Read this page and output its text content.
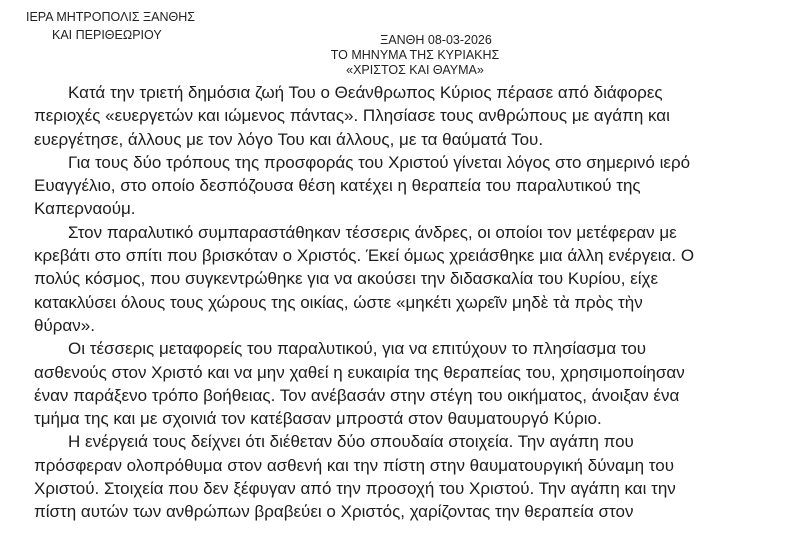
ΙΕΡΑ ΜΗΤΡΟΠΟΛΙΣ ΞΑΝΘΗΣ
ΚΑΙ ΠΕΡΙΘΕΩΡΙΟΥ	ΞΑΝΘΗ 08-03-2026
ΤΟ ΜΗΝΥΜΑ ΤΗΣ ΚΥΡΙΑΚΗΣ
«ΧΡΙΣΤΟΣ ΚΑΙ ΘΑΥΜΑ»
Κατά την τριετή δημόσια ζωή Του ο Θεάνθρωπος Κύριος πέρασε από διάφορες
περιοχές «ευεργετών και ιώμενος πάντας». Πλησίασε τους ανθρώπους με αγάπη και
ευεργέτησε, άλλους με τον λόγο Του και άλλους, με τα θαύματά Του.
Για τους δύο τρόπους της προσφοράς του Χριστού γίνεται λόγος στο σημερινό ιερό
Ευαγγέλιο, στο οποίο δεσπόζουσα θέση κατέχει η θεραπεία του παραλυτικού της
Καπερναούμ.
Στον παραλυτικό συμπαραστάθηκαν τέσσερις άνδρες, οι οποίοι τον μετέφεραν με
κρεβάτι στο σπίτι που βρισκόταν ο Χριστός. Έκεί όμως χρειάσθηκε μια άλλη ενέργεια. Ο
πολύς κόσμος, που συγκεντρώθηκε για να ακούσει την διδασκαλία του Κυρίου, είχε
κατακλύσει όλους τους χώρους της οικίας, ώστε «μηκέτι χωρεῖν μηδὲ τὰ πρὸς τὴν
θύραν».
Οι τέσσερις μεταφορείς του παραλυτικού, για να επιτύχουν το πλησίασμα του
ασθενούς στον Χριστό και να μην χαθεί η ευκαιρία της θεραπείας του, χρησιμοποίησαν
έναν παράξενο τρόπο βοήθειας. Τον ανέβασάν στην στέγη του οικήματος, άνοιξαν ένα
τμήμα της και με σχοινιά τον κατέβασαν μπροστά στον θαυματουργό Κύριο.
Η ενέργειά τους δείχνει ότι διέθεταν δύο σπουδαία στοιχεία. Την αγάπη που
πρόσφεραν ολοπρόθυμα στον ασθενή και την πίστη στην θαυματουργική δύναμη του
Χριστού. Στοιχεία που δεν ξέφυγαν από την προσοχή του Χριστού. Την αγάπη και την
πίστη αυτών των ανθρώπων βραβεύει ο Χριστός, χαρίζοντας την θεραπεία στον
